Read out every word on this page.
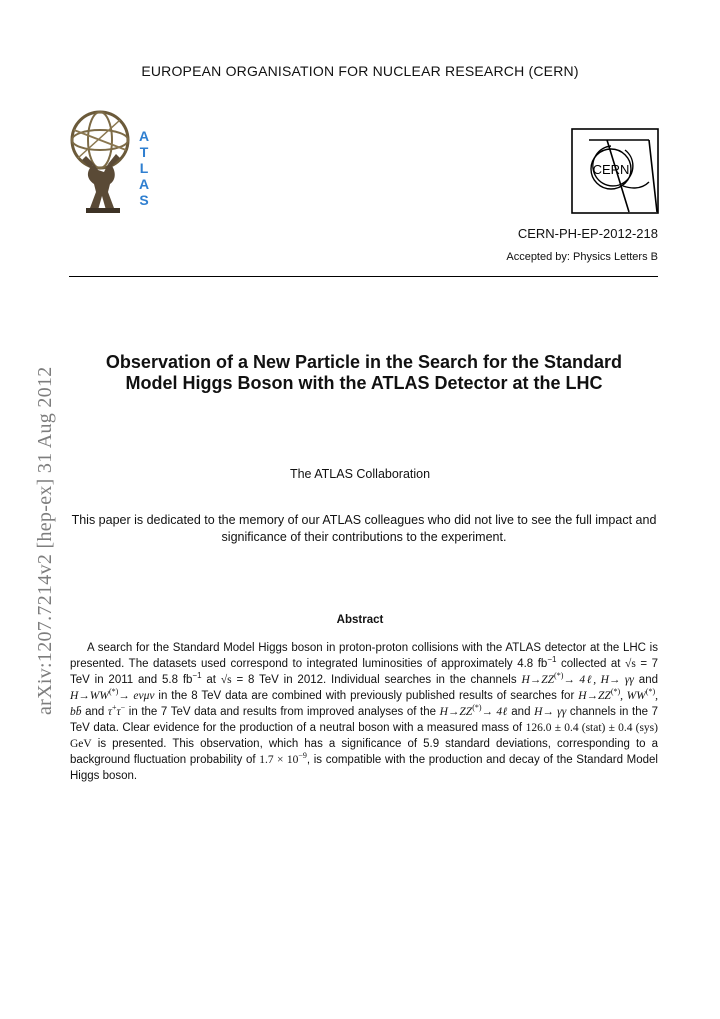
EUROPEAN ORGANISATION FOR NUCLEAR RESEARCH (CERN)
A
T
L
A
S
CERN
CERN-PH-EP-2012-218
Accepted by: Physics Letters B
arXiv:1207.7214v2 [hep-ex] 31 Aug 2012
Observation of a New Particle in the Search for the Standard
Model Higgs Boson with the ATLAS Detector at the LHC
The ATLAS Collaboration
This paper is dedicated to the memory of our ATLAS colleagues who did not live to see the full impact and significance of their contributions to the experiment.
Abstract
A search for the Standard Model Higgs boson in proton-proton collisions with the ATLAS detector at the LHC is presented. The datasets used correspond to integrated luminosities of approximately 4.8 $fb^{-1}$ collected at √s = 7 TeV in 2011 and 5.8 $fb^{-1}$ at √s = 8 TeV in 2012. Individual searches in the channels H→ZZ(*)→ 4ℓ, H→ γγ and H→WW(*)→ eνμν in the 8 TeV data are combined with previously published results of searches for H→ZZ(*), WW(*), bb̄ and τ+τ− in the 7 TeV data and results from improved analyses of the H→ZZ(*)→ 4ℓ and H→ γγ channels in the 7 TeV data. Clear evidence for the production of a neutral boson with a measured mass of 126.0 ± 0.4 (stat) ± 0.4 (sys) GeV is presented. This observation, which has a significance of 5.9 standard deviations, corresponding to a background fluctuation probability of $1.7 \times 10^{-9}$, is compatible with the production and decay of the Standard Model Higgs boson.
